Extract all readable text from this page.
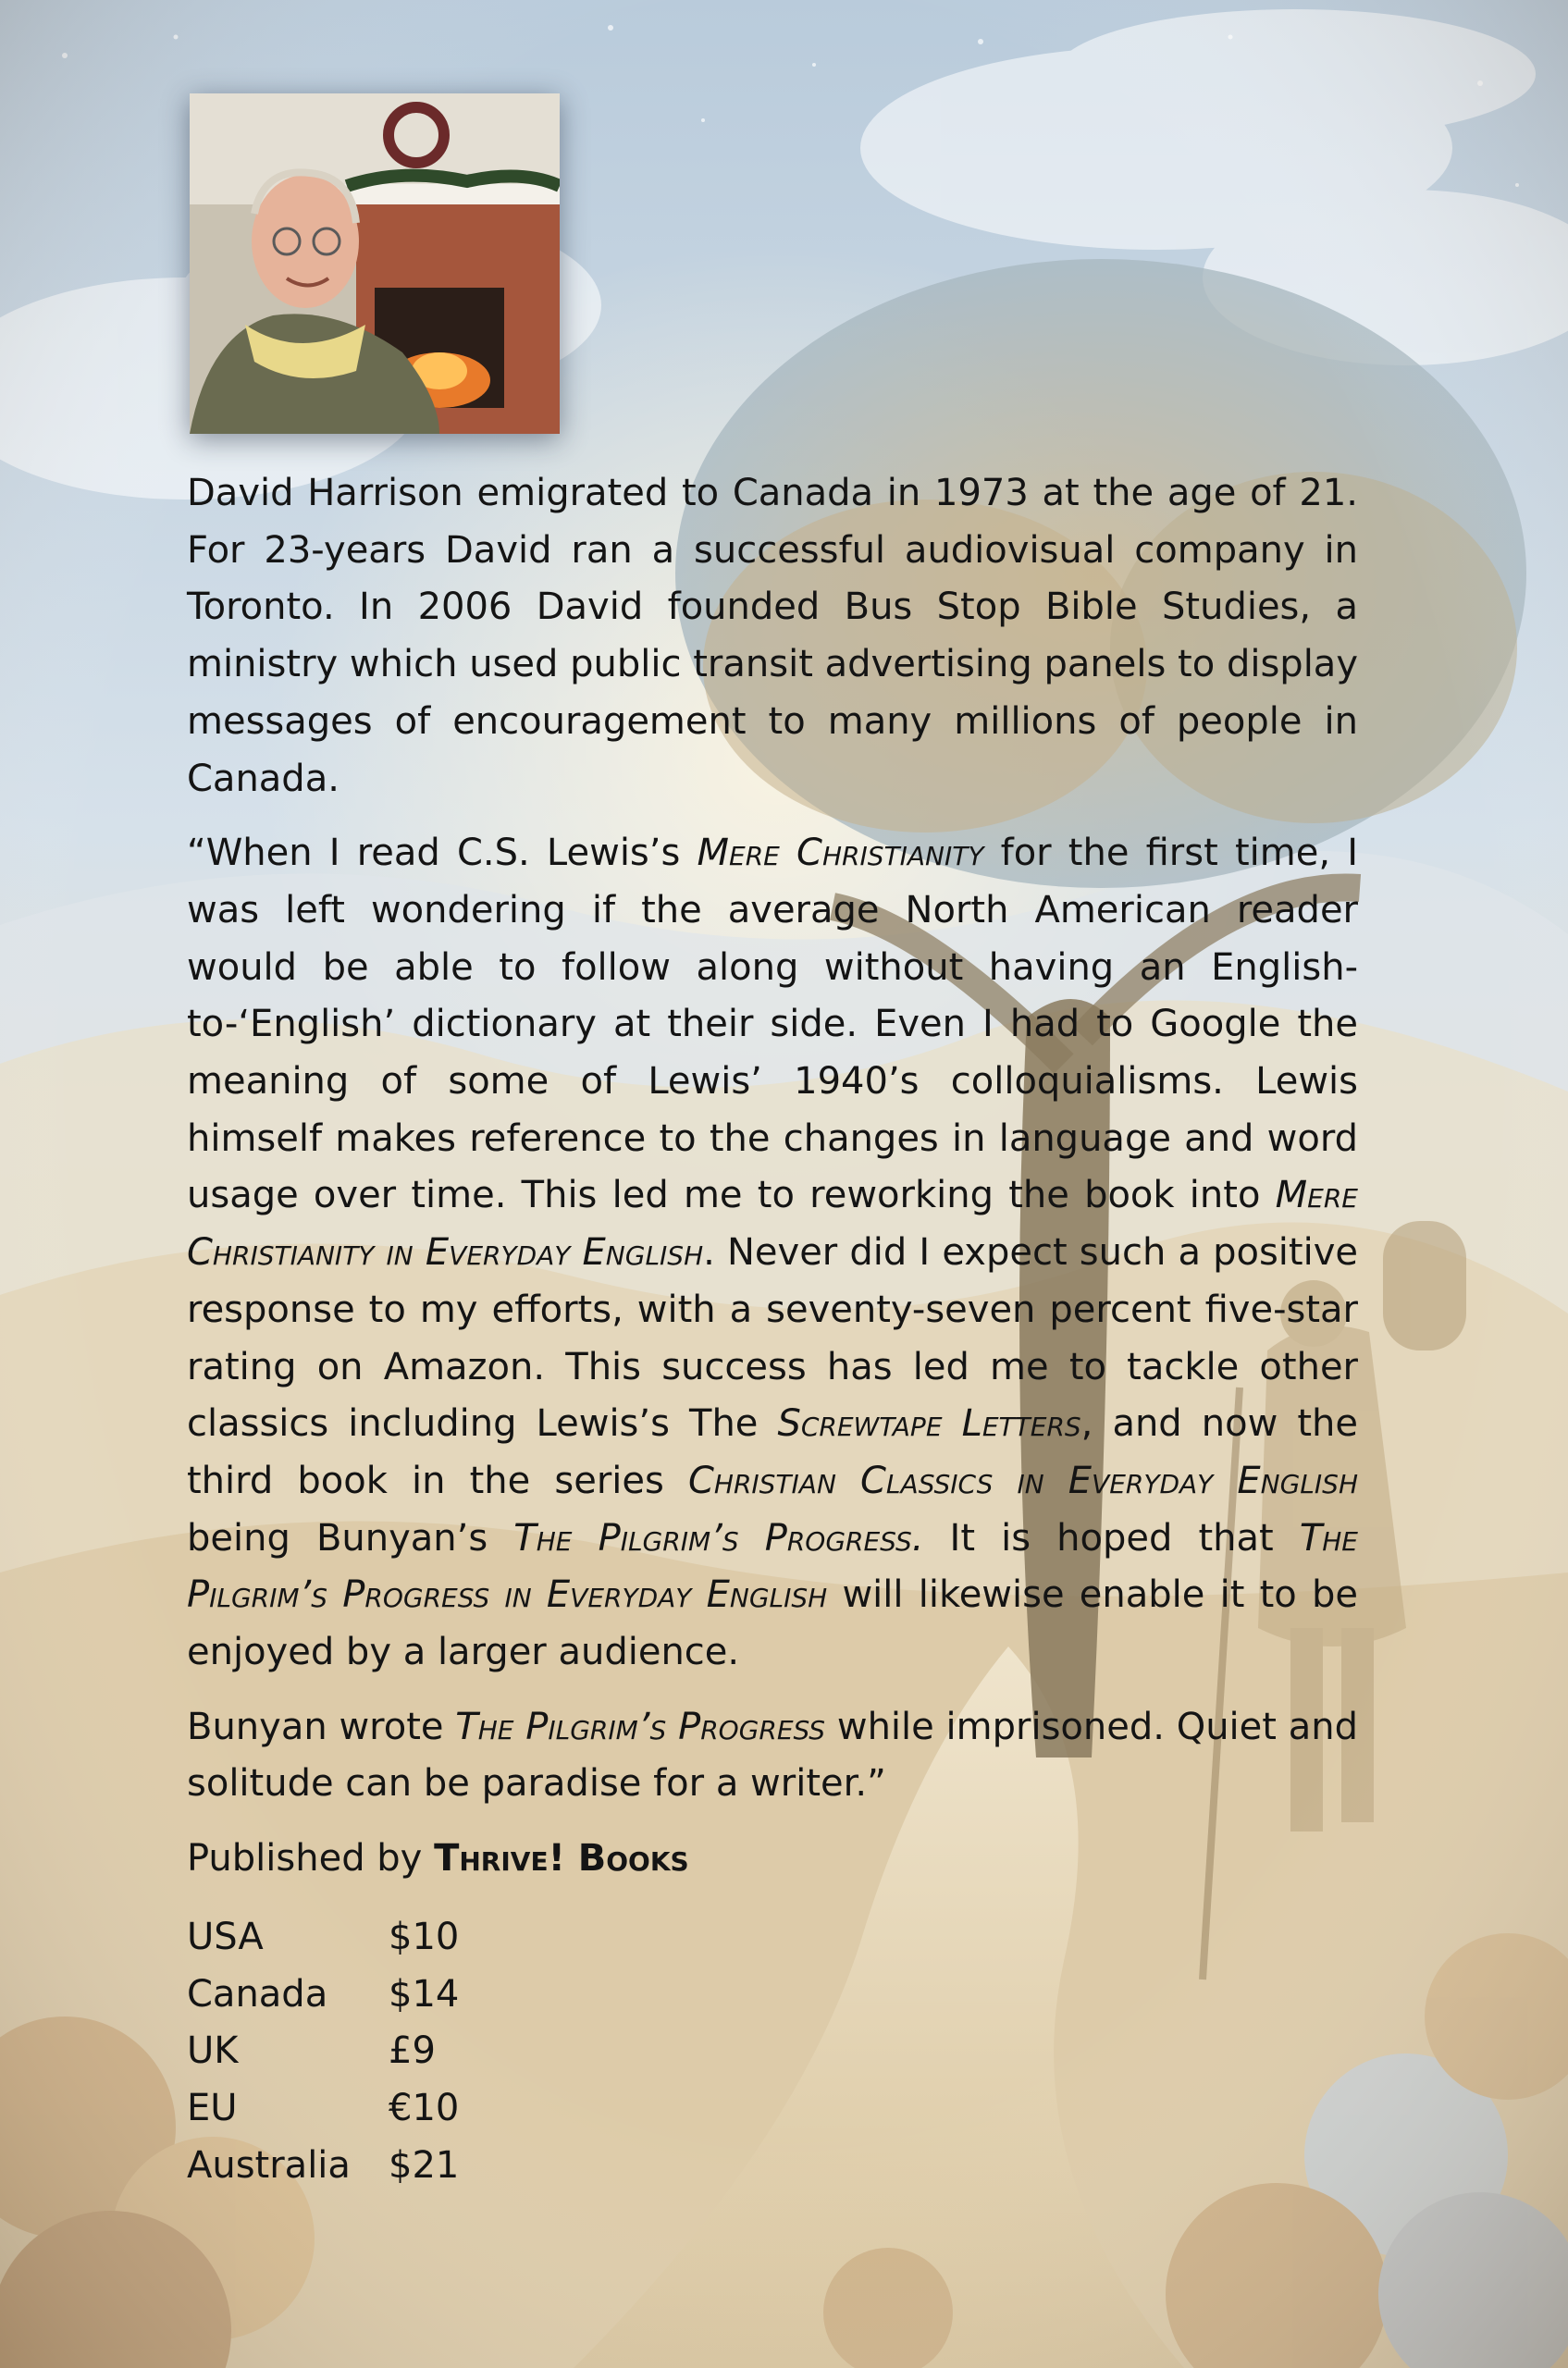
David Harrison emigrated to Canada in 1973 at the age of 21. For 23-years David ran a successful audiovisual company in Toronto. In 2006 David founded Bus Stop Bible Studies, a ministry which used public transit advertising panels to display messages of encouragement to many millions of people in Canada.

“When I read C.S. Lewis’s Mere Christianity for the first time, I was left wondering if the average North American reader would be able to follow along without having an English-to-‘English’ dictionary at their side. Even I had to Google the meaning of some of Lewis’ 1940’s colloquialisms. Lewis himself makes reference to the changes in language and word usage over time. This led me to reworking the book into Mere Christianity in Everyday English. Never did I expect such a positive response to my efforts, with a seventy-seven percent five-star rating on Amazon. This success has led me to tackle other classics including Lewis’s The Screwtape Letters, and now the third book in the series Christian Classics in Everyday English being Bunyan’s The Pilgrim’s Progress. It is hoped that The Pilgrim’s Progress in Everyday English will likewise enable it to be enjoyed by a larger audience.

Bunyan wrote The Pilgrim’s Progress while imprisoned. Quiet and solitude can be paradise for a writer.”

Published by Thrive! Books
USA	$10
Canada	$14
UK	£9
EU	€10
Australia	$21
